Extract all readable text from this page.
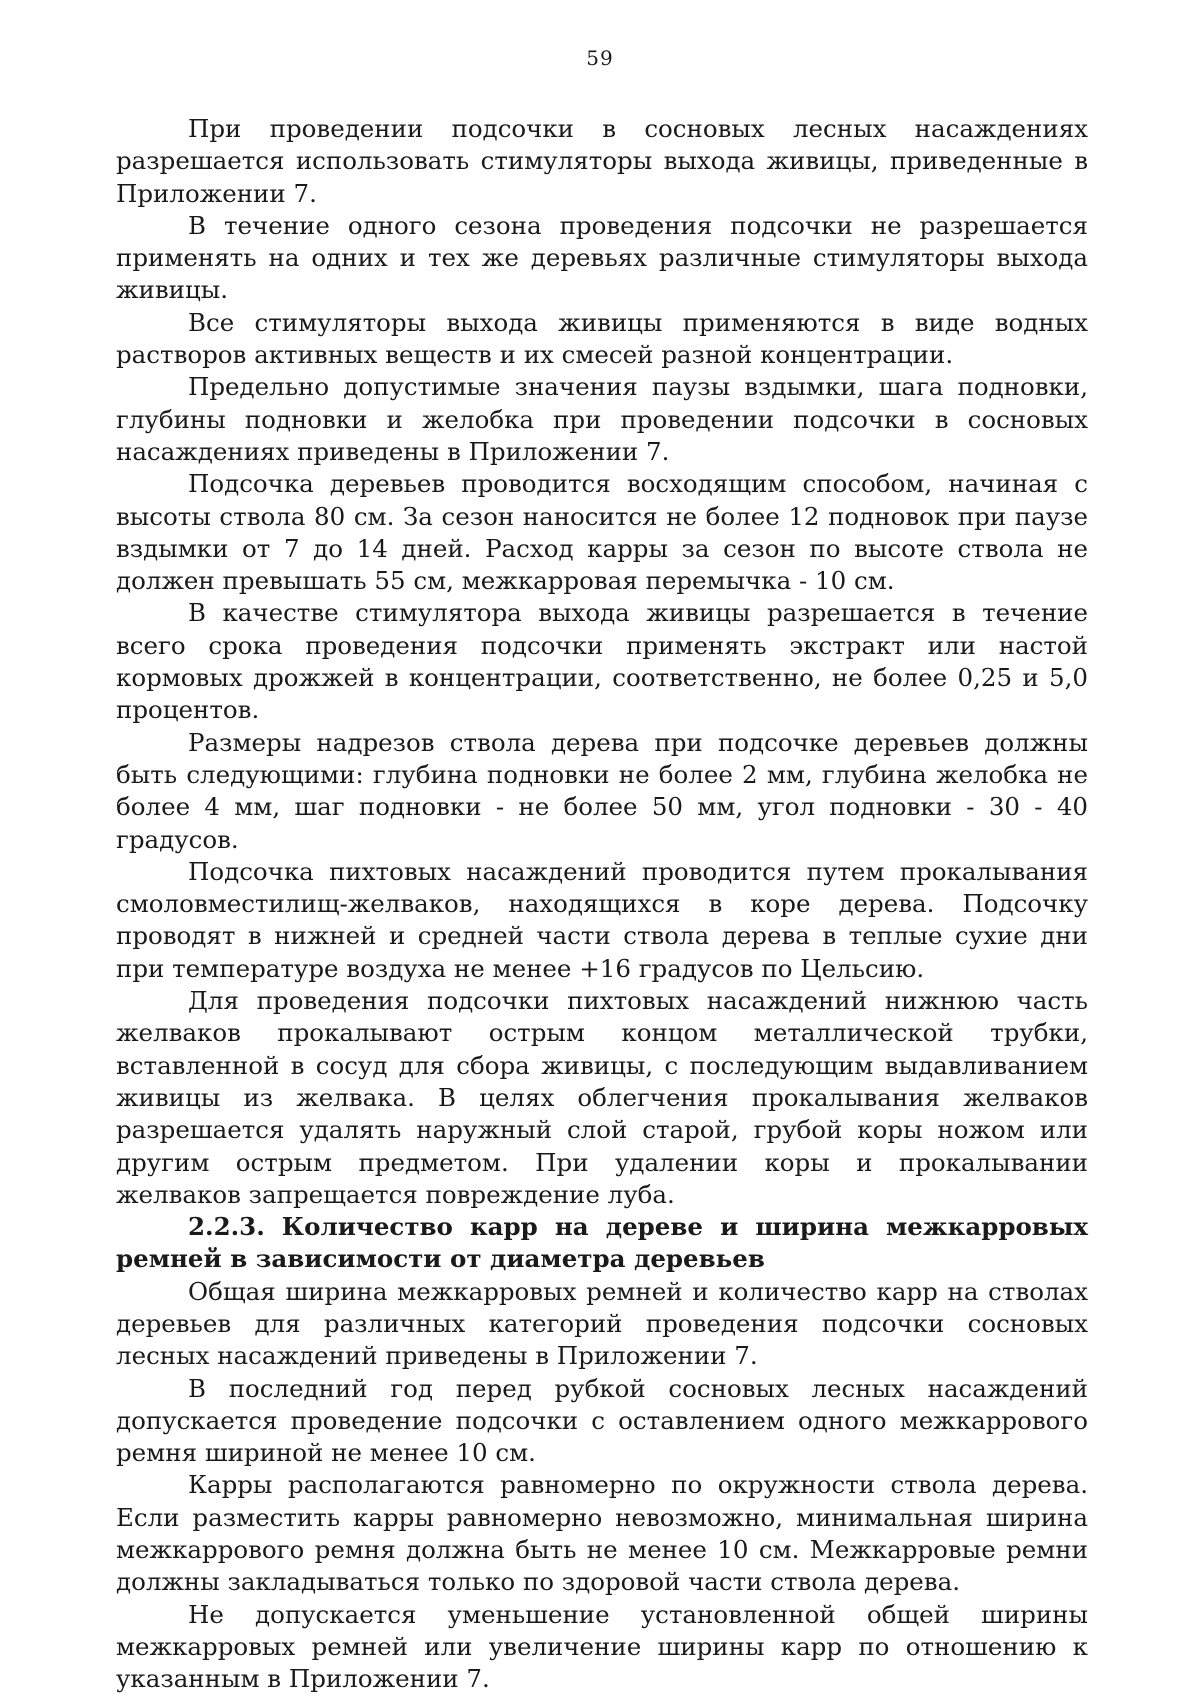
59

При проведении подсочки в сосновых лесных насаждениях разрешается использовать стимуляторы выхода живицы, приведенные в Приложении 7.

В течение одного сезона проведения подсочки не разрешается применять на одних и тех же деревьях различные стимуляторы выхода живицы.

Все стимуляторы выхода живицы применяются в виде водных растворов активных веществ и их смесей разной концентрации.

Предельно допустимые значения паузы вздымки, шага подновки, глубины подновки и желобка при проведении подсочки в сосновых насаждениях приведены в Приложении 7.

Подсочка деревьев проводится восходящим способом, начиная с высоты ствола 80 см. За сезон наносится не более 12 подновок при паузе вздымки от 7 до 14 дней. Расход карры за сезон по высоте ствола не должен превышать 55 см, межкарровая перемычка - 10 см.

В качестве стимулятора выхода живицы разрешается в течение всего срока проведения подсочки применять экстракт или настой кормовых дрожжей в концентрации, соответственно, не более 0,25 и 5,0 процентов.

Размеры надрезов ствола дерева при подсочке деревьев должны быть следующими: глубина подновки не более 2 мм, глубина желобка не более 4 мм, шаг подновки - не более 50 мм, угол подновки - 30 - 40 градусов.

Подсочка пихтовых насаждений проводится путем прокалывания смоловместилищ-желваков, находящихся в коре дерева. Подсочку проводят в нижней и средней части ствола дерева в теплые сухие дни при температуре воздуха не менее +16 градусов по Цельсию.

Для проведения подсочки пихтовых насаждений нижнюю часть желваков прокалывают острым концом металлической трубки, вставленной в сосуд для сбора живицы, с последующим выдавливанием живицы из желвака. В целях облегчения прокалывания желваков разрешается удалять наружный слой старой, грубой коры ножом или другим острым предметом. При удалении коры и прокалывании желваков запрещается повреждение луба.

2.2.3. Количество карр на дереве и ширина межкарровых ремней в зависимости от диаметра деревьев

Общая ширина межкарровых ремней и количество карр на стволах деревьев для различных категорий проведения подсочки сосновых лесных насаждений приведены в Приложении 7.

В последний год перед рубкой сосновых лесных насаждений допускается проведение подсочки с оставлением одного межкаррового ремня шириной не менее 10 см.

Карры располагаются равномерно по окружности ствола дерева. Если разместить карры равномерно невозможно, минимальная ширина межкаррового ремня должна быть не менее 10 см. Межкарровые ремни должны закладываться только по здоровой части ствола дерева.

Не допускается уменьшение установленной общей ширины межкарровых ремней или увеличение ширины карр по отношению к указанным в Приложении 7.
